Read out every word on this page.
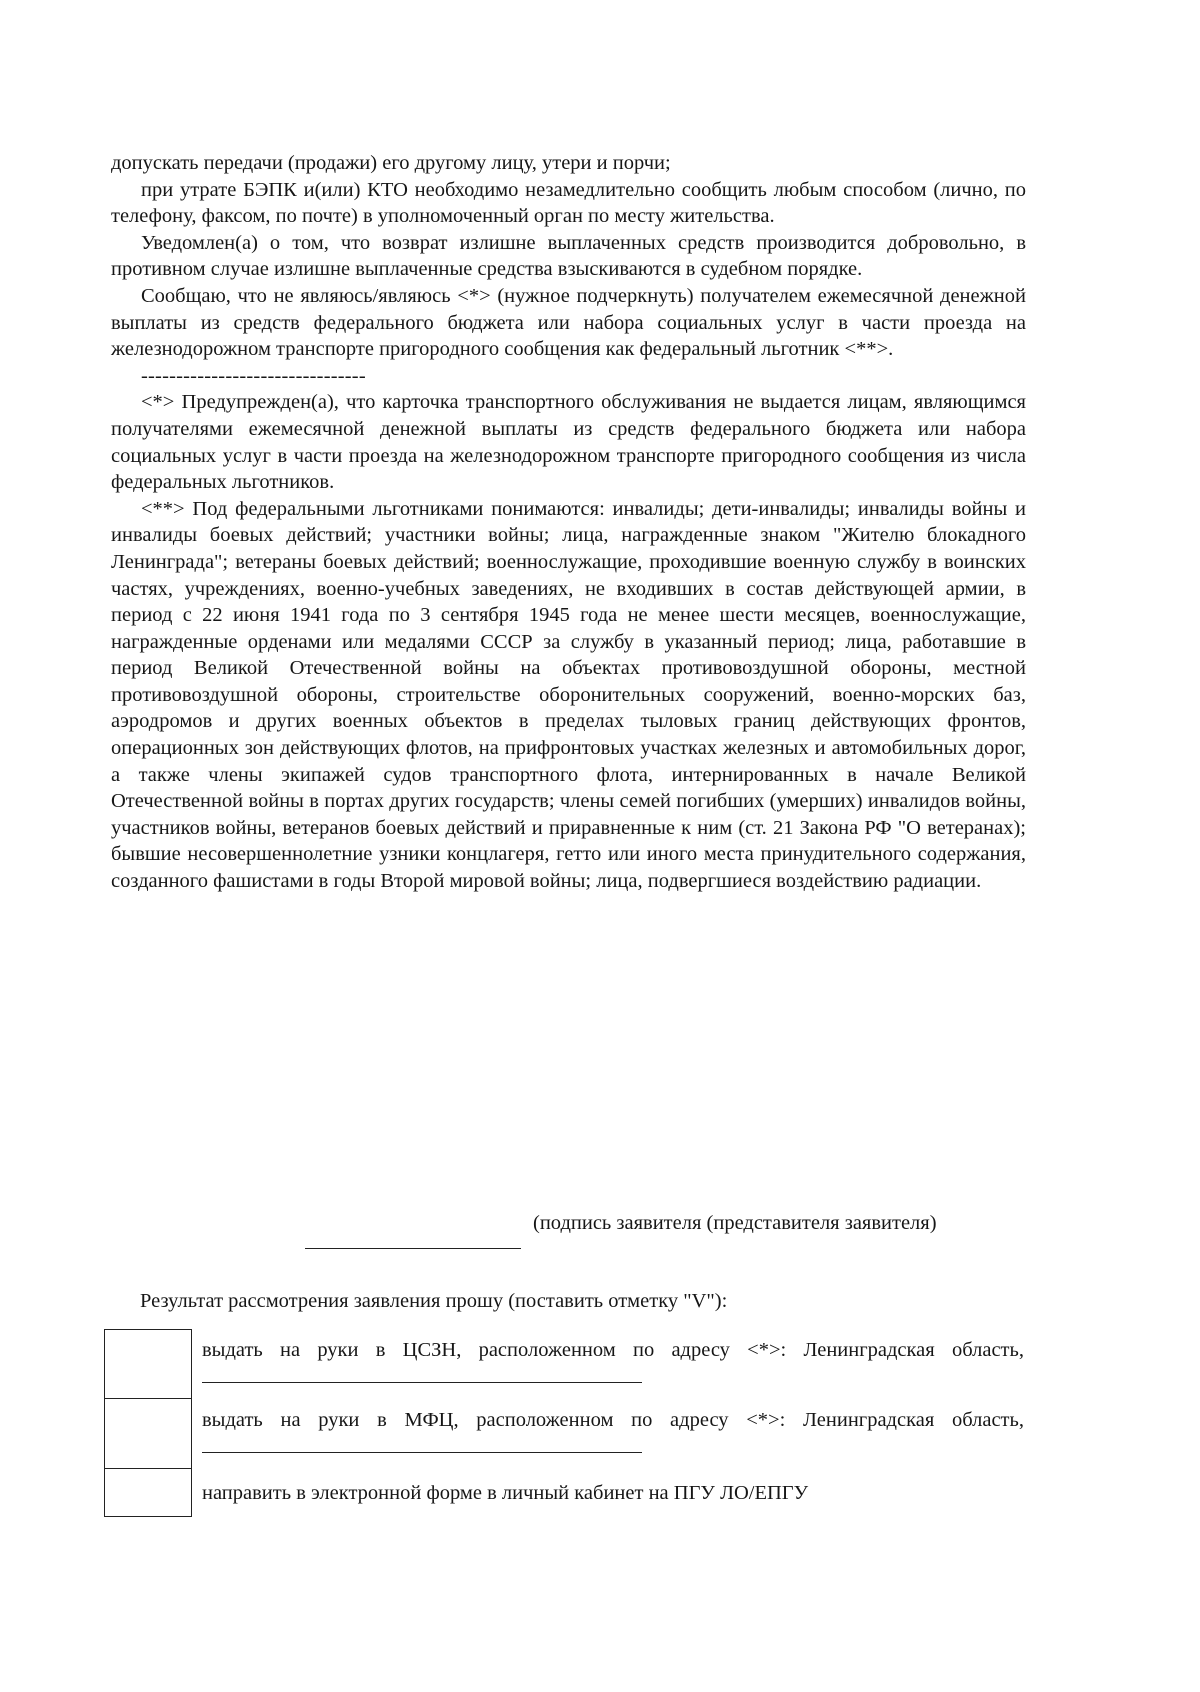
допускать передачи (продажи) его другому лицу, утери и порчи;

при утрате БЭПК и(или) КТО необходимо незамедлительно сообщить любым способом (лично, по телефону, факсом, по почте) в уполномоченный орган по месту жительства.

Уведомлен(а) о том, что возврат излишне выплаченных средств производится добровольно, в противном случае излишне выплаченные средства взыскиваются в судебном порядке.

Сообщаю, что не являюсь/являюсь <*> (нужное подчеркнуть) получателем ежемесячной денежной выплаты из средств федерального бюджета или набора социальных услуг в части проезда на железнодорожном транспорте пригородного сообщения как федеральный льготник <**>.

--------------------------------

<*> Предупрежден(а), что карточка транспортного обслуживания не выдается лицам, являющимся получателями ежемесячной денежной выплаты из средств федерального бюджета или набора социальных услуг в части проезда на железнодорожном транспорте пригородного сообщения из числа федеральных льготников.

<**> Под федеральными льготниками понимаются: инвалиды; дети-инвалиды; инвалиды войны и инвалиды боевых действий; участники войны; лица, награжденные знаком "Жителю блокадного Ленинграда"; ветераны боевых действий; военнослужащие, проходившие военную службу в воинских частях, учреждениях, военно-учебных заведениях, не входивших в состав действующей армии, в период с 22 июня 1941 года по 3 сентября 1945 года не менее шести месяцев, военнослужащие, награжденные орденами или медалями СССР за службу в указанный период; лица, работавшие в период Великой Отечественной войны на объектах противовоздушной обороны, местной противовоздушной обороны, строительстве оборонительных сооружений, военно-морских баз, аэродромов и других военных объектов в пределах тыловых границ действующих фронтов, операционных зон действующих флотов, на прифронтовых участках железных и автомобильных дорог, а также члены экипажей судов транспортного флота, интернированных в начале Великой Отечественной войны в портах других государств; члены семей погибших (умерших) инвалидов войны, участников войны, ветеранов боевых действий и приравненные к ним (ст. 21 Закона РФ "О ветеранах); бывшие несовершеннолетние узники концлагеря, гетто или иного места принудительного содержания, созданного фашистами в годы Второй мировой войны; лица, подвергшиеся воздействию радиации.

(подпись заявителя (представителя заявителя)
Результат рассмотрения заявления прошу (поставить отметку "V"):
выдать на руки в ЦСЗН, расположенном по адресу <*>: Ленинградская область,
выдать на руки в МФЦ, расположенном по адресу <*>: Ленинградская область,
направить в электронной форме в личный кабинет на ПГУ ЛО/ЕПГУ
